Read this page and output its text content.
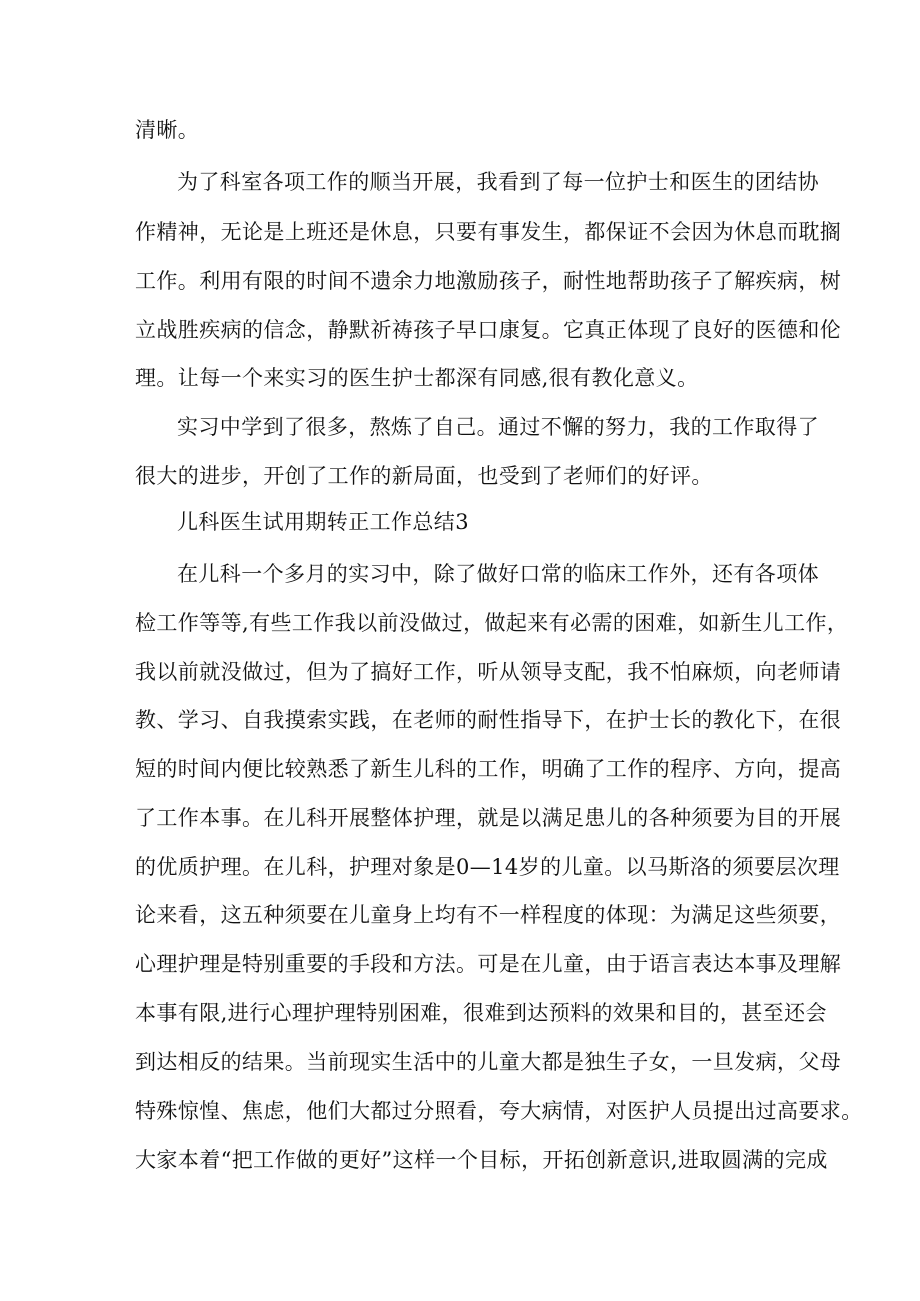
清晰。
为了科室各项工作的顺当开展，我看到了每一位护士和医生的团结协
作精神，无论是上班还是休息，只要有事发生，都保证不会因为休息而耽搁
工作。利用有限的时间不遗余力地激励孩子，耐性地帮助孩子了解疾病，树
立战胜疾病的信念，静默祈祷孩子早口康复。它真正体现了良好的医德和伦
理。让每一个来实习的医生护士都深有同感,很有教化意义。
实习中学到了很多，熬炼了自己。通过不懈的努力，我的工作取得了
很大的进步，开创了工作的新局面，也受到了老师们的好评。
儿科医生试用期转正工作总结3
在儿科一个多月的实习中，除了做好口常的临床工作外，还有各项体
检工作等等,有些工作我以前没做过，做起来有必需的困难，如新生儿工作，
我以前就没做过，但为了搞好工作，听从领导支配，我不怕麻烦，向老师请
教、学习、自我摸索实践，在老师的耐性指导下，在护士长的教化下，在很
短的时间内便比较熟悉了新生儿科的工作，明确了工作的程序、方向，提高
了工作本事。在儿科开展整体护理，就是以满足患儿的各种须要为目的开展
的优质护理。在儿科，护理对象是0—14岁的儿童。以马斯洛的须要层次理
论来看，这五种须要在儿童身上均有不一样程度的体现：为满足这些须要，
心理护理是特别重要的手段和方法。可是在儿童，由于语言表达本事及理解
本事有限,进行心理护理特别困难，很难到达预料的效果和目的，甚至还会
到达相反的结果。当前现实生活中的儿童大都是独生子女，一旦发病，父母
特殊惊惶、焦虑，他们大都过分照看，夸大病情，对医护人员提出过高要求。
大家本着“把工作做的更好”这样一个目标，开拓创新意识,进取圆满的完成
